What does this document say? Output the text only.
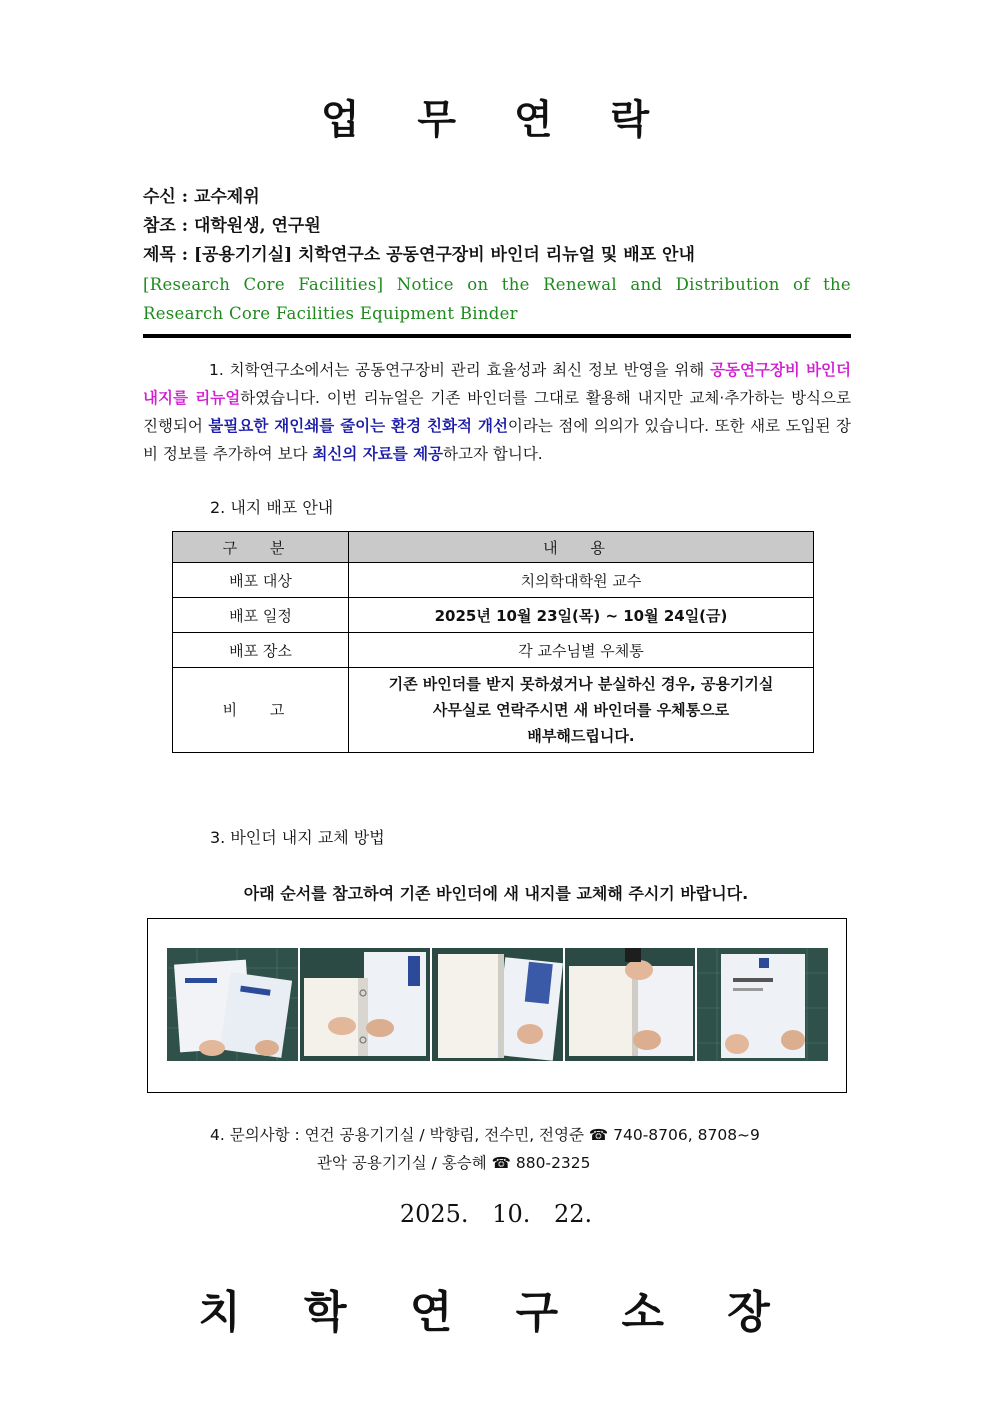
업 무 연 락
수신 : 교수제위
참조 : 대학원생, 연구원
제목 : [공용기기실] 치학연구소 공동연구장비 바인더 리뉴얼 및 배포 안내
[Research Core Facilities] Notice on the Renewal and Distribution of the
Research Core Facilities Equipment Binder
1. 치학연구소에서는 공동연구장비 관리 효율성과 최신 정보 반영을 위해 공동연구장비 바인더 내지를 리뉴얼하였습니다. 이번 리뉴얼은 기존 바인더를 그대로 활용해 내지만 교체·추가하는 방식으로 진행되어 불필요한 재인쇄를 줄이는 환경 친화적 개선이라는 점에 의의가 있습니다. 또한 새로 도입된 장비 정보를 추가하여 보다 최신의 자료를 제공하고자 합니다.
2. 내지 배포 안내
구 분	내 용
배포 대상	치의학대학원 교수
배포 일정	2025년 10월 23일(목) ~ 10월 24일(금)
배포 장소	각 교수님별 우체통
비 고	기존 바인더를 받지 못하셨거나 분실하신 경우, 공용기기실
사무실로 연락주시면 새 바인더를 우체통으로
배부해드립니다.
3. 바인더 내지 교체 방법
아래 순서를 참고하여 기존 바인더에 새 내지를 교체해 주시기 바랍니다.
4. 문의사항 : 연건 공용기기실 / 박향림, 전수민, 전영준 ☎ 740-8706, 8708~9
관악 공용기기실 / 홍승혜 ☎ 880-2325
2025. 10. 22.
치 학 연 구 소 장
